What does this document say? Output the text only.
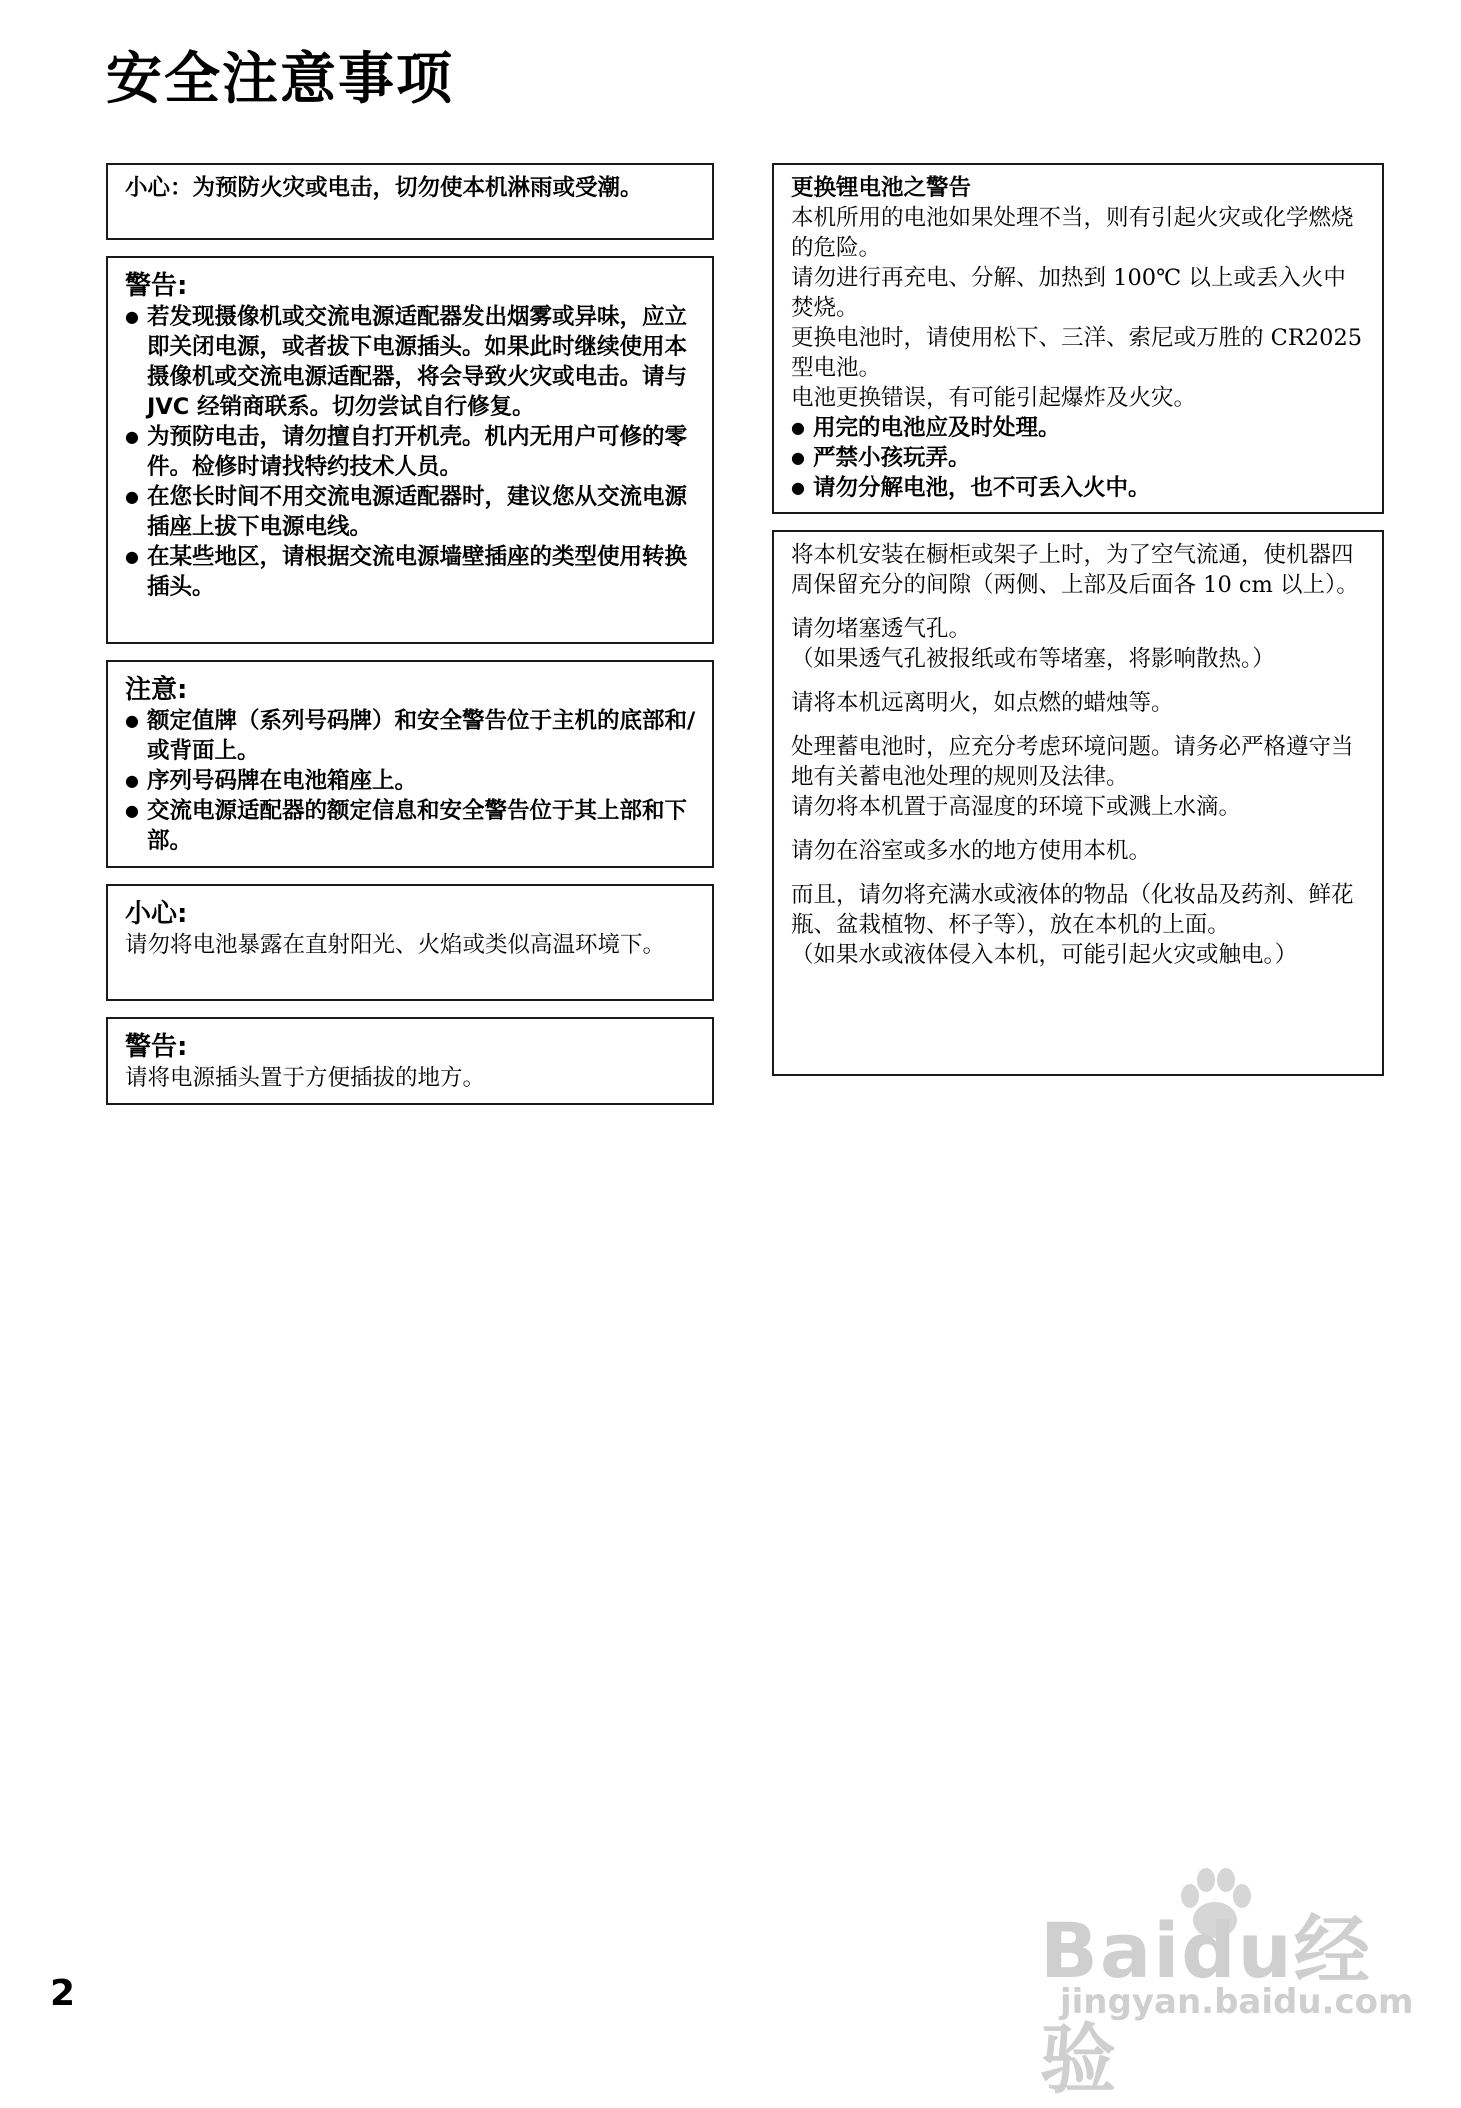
安全注意事项

小心：为预防火灾或电击，切勿使本机淋雨或受潮。

警告:
● 若发现摄像机或交流电源适配器发出烟雾或异味，应立即关闭电源，或者拔下电源插头。如果此时继续使用本摄像机或交流电源适配器，将会导致火灾或电击。请与 JVC 经销商联系。切勿尝试自行修复。
● 为预防电击，请勿擅自打开机壳。机内无用户可修的零件。检修时请找特约技术人员。
● 在您长时间不用交流电源适配器时，建议您从交流电源插座上拔下电源电线。
● 在某些地区，请根据交流电源墙壁插座的类型使用转换插头。
注意:
● 额定值牌（系列号码牌）和安全警告位于主机的底部和/或背面上。
● 序列号码牌在电池箱座上。
● 交流电源适配器的额定信息和安全警告位于其上部和下部。
小心:

请勿将电池暴露在直射阳光、火焰或类似高温环境下。

警告:

请将电源插头置于方便插拔的地方。

更换锂电池之警告

本机所用的电池如果处理不当，则有引起火灾或化学燃烧的危险。

请勿进行再充电、分解、加热到 100℃ 以上或丢入火中焚烧。

更换电池时，请使用松下、三洋、索尼或万胜的 CR2025 型电池。

电池更换错误，有可能引起爆炸及火灾。

● 用完的电池应及时处理。
● 严禁小孩玩弄。
● 请勿分解电池，也不可丢入火中。

将本机安装在橱柜或架子上时，为了空气流通，使机器四周保留充分的间隙（两侧、上部及后面各 10 cm 以上）。

请勿堵塞透气孔。

（如果透气孔被报纸或布等堵塞，将影响散热。）

请将本机远离明火，如点燃的蜡烛等。

处理蓄电池时，应充分考虑环境问题。请务必严格遵守当地有关蓄电池处理的规则及法律。

请勿将本机置于高湿度的环境下或溅上水滴。

请勿在浴室或多水的地方使用本机。

而且，请勿将充满水或液体的物品（化妆品及药剂、鲜花瓶、盆栽植物、杯子等），放在本机的上面。

（如果水或液体侵入本机，可能引起火灾或触电。）

2	Baidu经验
jingyan.baidu.com
